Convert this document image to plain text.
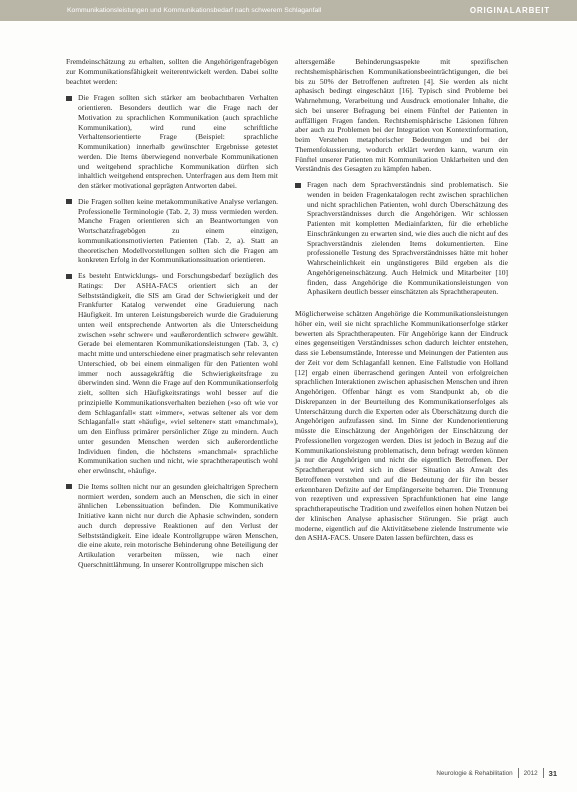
Kommunikationsleistungen und Kommunikationsbedarf nach schwerem Schlaganfall	ORIGINALARBEIT

Fremdeinschätzung zu erhalten, sollten die Angehörigenfragebögen zur Kommunikationsfähigkeit weiterentwickelt werden. Dabei sollte beachtet werden:

Die Fragen sollten sich stärker am beobachtbaren Verhalten orientieren. Besonders deutlich war die Frage nach der Motivation zu sprachlichen Kommunikation (auch sprachliche Kommunikation), wird rund eine schriftliche Verhaltensorientierte Frage (Beispiel: sprachliche Kommunikation) innerhalb gewünschter Ergebnisse getestet werden. Die Items überwiegend nonverbale Kommunikationen und weitgehend sprachliche Kommunikation dürften sich inhaltlich weitgehend entsprechen. Unterfragen aus dem Item mit den stärker motivational geprägten Antworten dabei.
Die Fragen sollten keine metakommunikative Analyse verlangen. Professionelle Terminologie (Tab. 2, 3) muss vermieden werden. Manche Fragen orientieren sich an Beantwortungen von Wortschatzfragebögen zu einem einzigen, kommunikationsmotivierten Patienten (Tab. 2, a). Statt an theoretischen Modellvorstellungen sollten sich die Fragen am konkreten Erfolg in der Kommunikationssituation orientieren.
Es besteht Entwicklungs- und Forschungsbedarf bezüglich des Ratings: Der ASHA-FACS orientiert sich an der Selbstständigkeit, die SIS am Grad der Schwierigkeit und der Frankfurter Katalog verwendet eine Graduierung nach Häufigkeit. Im unteren Leistungsbereich wurde die Graduierung unten weil entsprechende Antworten als die Unterscheidung zwischen »sehr schwer« und »außerordentlich schwer« gewählt. Gerade bei elementaren Kommunikationsleistungen (Tab. 3, c) macht mitte und unterschiedene einer pragmatisch sehr relevanten Unterschied, ob bei einem einmaligen für den Patienten wohl immer noch aussagekräftig die Schwierigkeitsfrage zu überwinden sind. Wenn die Frage auf den Kommunikationserfolg zielt, sollten sich Häufigkeitsratings wohl besser auf die prinzipielle Kommunikationsverhalten beziehen (»so oft wie vor dem Schlaganfall« statt »immer«, »etwas seltener als vor dem Schlaganfall« statt »häufig«, »viel seltener« statt »manchmal«), um den Einfluss primärer persönlicher Züge zu mindern. Auch unter gesunden Menschen werden sich außerordentliche Individuen finden, die höchstens »manchmal« sprachliche Kommunikation suchen und nicht, wie sprachtherapeutisch wohl eher erwünscht, »häufig«.
Die Items sollten nicht nur an gesunden gleichaltrigen Sprechern normiert werden, sondern auch an Menschen, die sich in einer ähnlichen Lebenssituation befinden. Die Kommunikative Initiative kann nicht nur durch die Aphasie schwinden, sondern auch durch depressive Reaktionen auf den Verlust der Selbstständigkeit. Eine ideale Kontrollgruppe wären Menschen, die eine akute, rein motorische Behinderung ohne Beteiligung der Artikulation verarbeiten müssen, wie nach einer Querschnittlähmung. In unserer Kontrollgruppe mischen sich

altersgemäße Behinderungsaspekte mit spezifischen rechtshemisphärischen Kommunikationsbeeinträchtigungen, die bei bis zu 50% der Betroffenen auftreten [4]. Sie werden als nicht aphasisch bedingt eingeschätzt [16]. Typisch sind Probleme bei Wahrnehmung, Verarbeitung und Ausdruck emotionaler Inhalte, die sich bei unserer Befragung bei einem Fünftel der Patienten in auffälligen Fragen fanden. Rechtshemisphärische Läsionen führen aber auch zu Problemen bei der Integration von Kontextinformation, beim Verstehen metaphorischer Bedeutungen und bei der Themenfokussierung, wodurch erklärt werden kann, warum ein Fünftel unserer Patienten mit Kommunikation Unklarheiten und den Verständnis des Gesagten zu kämpfen haben.

Fragen nach dem Sprachverständnis sind problematisch. Sie wenden in beiden Fragenkatalogen recht zwischen sprachlichen und nicht sprachlichen Patienten, wohl durch Überschätzung des Sprachverständnisses durch die Angehörigen. Wir schlossen Patienten mit kompletten Mediainfarkten, für die erhebliche Einschränkungen zu erwarten sind, wie dies auch die nicht auf des Sprachverständnis zielenden Items dokumentierten. Eine professionelle Testung des Sprachverständnisses hätte mit hoher Wahrscheinlichkeit ein ungünstigeres Bild ergeben als die Angehörigeneinschätzung. Auch Helmick und Mitarbeiter [10] finden, dass Angehörige die Kommunikationsleistungen von Aphasikern deutlich besser einschätzten als Sprachtherapeuten.

Möglicherweise schätzen Angehörige die Kommunikationsleistungen höher ein, weil sie nicht sprachliche Kommunikationserfolge stärker bewerten als Sprachtherapeuten. Für Angehörige kann der Eindruck eines gegenseitigen Verständnisses schon dadurch leichter entstehen, dass sie Lebensumstände, Interesse und Meinungen der Patienten aus der Zeit vor dem Schlaganfall kennen. Eine Fallstudie von Holland [12] ergab einen überraschend geringen Anteil von erfolgreichen sprachlichen Interaktionen zwischen aphasischen Menschen und ihren Angehörigen. Offenbar hängt es vom Standpunkt ab, ob die Diskrepanzen in der Beurteilung des Kommunikationserfolges als Unterschätzung durch die Experten oder als Überschätzung durch die Angehörigen aufzufassen sind. Im Sinne der Kundenorientierung müsste die Einschätzung der Angehörigen der Einschätzung der Professionellen vorgezogen werden. Dies ist jedoch in Bezug auf die Kommunikationsleistung problematisch, denn befragt werden können ja nur die Angehörigen und nicht die eigentlich Betroffenen. Der Sprachtherapeut wird sich in dieser Situation als Anwalt des Betroffenen verstehen und auf die Bedeutung der für ihn besser erkennbaren Defizite auf der Empfängerseite beharren. Die Trennung von rezeptiven und expressiven Sprachfunktionen hat eine lange sprachtherapeutische Tradition und zweifellos einen hohen Nutzen bei der klinischen Analyse aphasischer Störungen. Sie prägt auch moderne, eigentlich auf die Aktivitätsebene zielende Instrumente wie den ASHA-FACS. Unsere Daten lassen befürchten, dass es

Neurologie & Rehabilitation 2012 31
